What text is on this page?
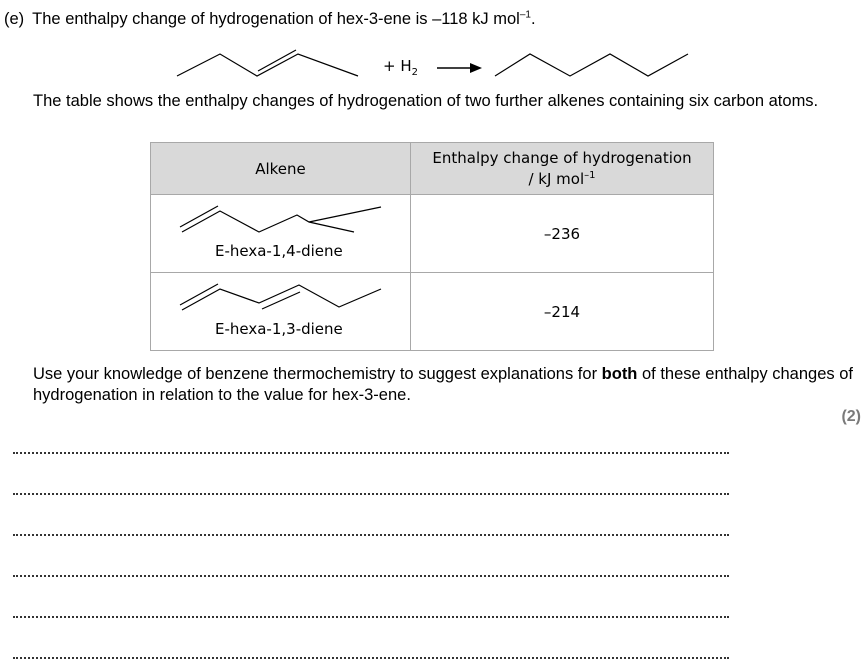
(e) The enthalpy change of hydrogenation of hex-3-ene is –118 kJ mol$^{-1}$.
+ $H_2$
The table shows the enthalpy changes of hydrogenation of two further alkenes containing six carbon atoms.
Alkene	Enthalpy change of hydrogenation
/ kJ mol$^{-1}$

E-hexa-1,4-diene	–236

E-hexa-1,3-diene	–214
Use your knowledge of benzene thermochemistry to suggest explanations for both of these enthalpy changes of hydrogenation in relation to the value for hex-3-ene.
(2)
